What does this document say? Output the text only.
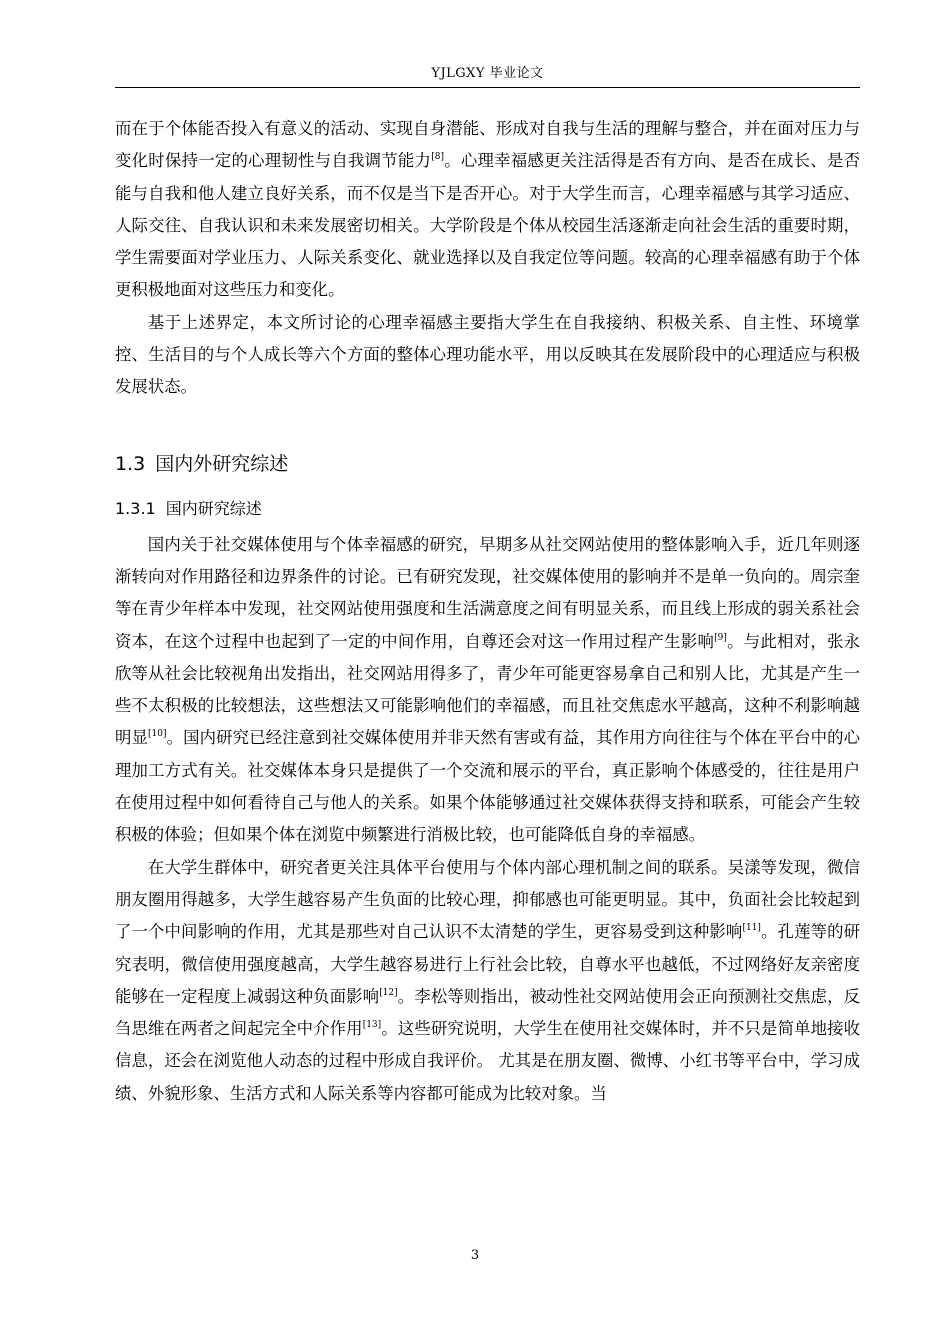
YJLGXY 毕业论文

而在于个体能否投入有意义的活动、实现自身潜能、形成对自我与生活的理解与整合，并在面对压力与变化时保持一定的心理韧性与自我调节能力[8]。心理幸福感更关注活得是否有方向、是否在成长、是否能与自我和他人建立良好关系，而不仅是当下是否开心。对于大学生而言，心理幸福感与其学习适应、人际交往、自我认识和未来发展密切相关。大学阶段是个体从校园生活逐渐走向社会生活的重要时期，学生需要面对学业压力、人际关系变化、就业选择以及自我定位等问题。较高的心理幸福感有助于个体更积极地面对这些压力和变化。

基于上述界定，本文所讨论的心理幸福感主要指大学生在自我接纳、积极关系、自主性、环境掌控、生活目的与个人成长等六个方面的整体心理功能水平，用以反映其在发展阶段中的心理适应与积极发展状态。

1.3 国内外研究综述
1.3.1 国内研究综述

国内关于社交媒体使用与个体幸福感的研究，早期多从社交网站使用的整体影响入手，近几年则逐渐转向对作用路径和边界条件的讨论。已有研究发现，社交媒体使用的影响并不是单一负向的。周宗奎等在青少年样本中发现，社交网站使用强度和生活满意度之间有明显关系，而且线上形成的弱关系社会资本，在这个过程中也起到了一定的中间作用，自尊还会对这一作用过程产生影响[9]。与此相对，张永欣等从社会比较视角出发指出，社交网站用得多了，青少年可能更容易拿自己和别人比，尤其是产生一些不太积极的比较想法，这些想法又可能影响他们的幸福感，而且社交焦虑水平越高，这种不利影响越明显[10]。国内研究已经注意到社交媒体使用并非天然有害或有益，其作用方向往往与个体在平台中的心理加工方式有关。社交媒体本身只是提供了一个交流和展示的平台，真正影响个体感受的，往往是用户在使用过程中如何看待自己与他人的关系。如果个体能够通过社交媒体获得支持和联系，可能会产生较积极的体验；但如果个体在浏览中频繁进行消极比较，也可能降低自身的幸福感。

在大学生群体中，研究者更关注具体平台使用与个体内部心理机制之间的联系。吴漾等发现，微信朋友圈用得越多，大学生越容易产生负面的比较心理，抑郁感也可能更明显。其中，负面社会比较起到了一个中间影响的作用，尤其是那些对自己认识不太清楚的学生，更容易受到这种影响[11]。孔莲等的研究表明，微信使用强度越高，大学生越容易进行上行社会比较，自尊水平也越低，不过网络好友亲密度能够在一定程度上减弱这种负面影响[12]。李松等则指出，被动性社交网站使用会正向预测社交焦虑，反刍思维在两者之间起完全中介作用[13]。这些研究说明，大学生在使用社交媒体时，并不只是简单地接收信息，还会在浏览他人动态的过程中形成自我评价。 尤其是在朋友圈、微博、小红书等平台中，学习成绩、外貌形象、生活方式和人际关系等内容都可能成为比较对象。当

3
